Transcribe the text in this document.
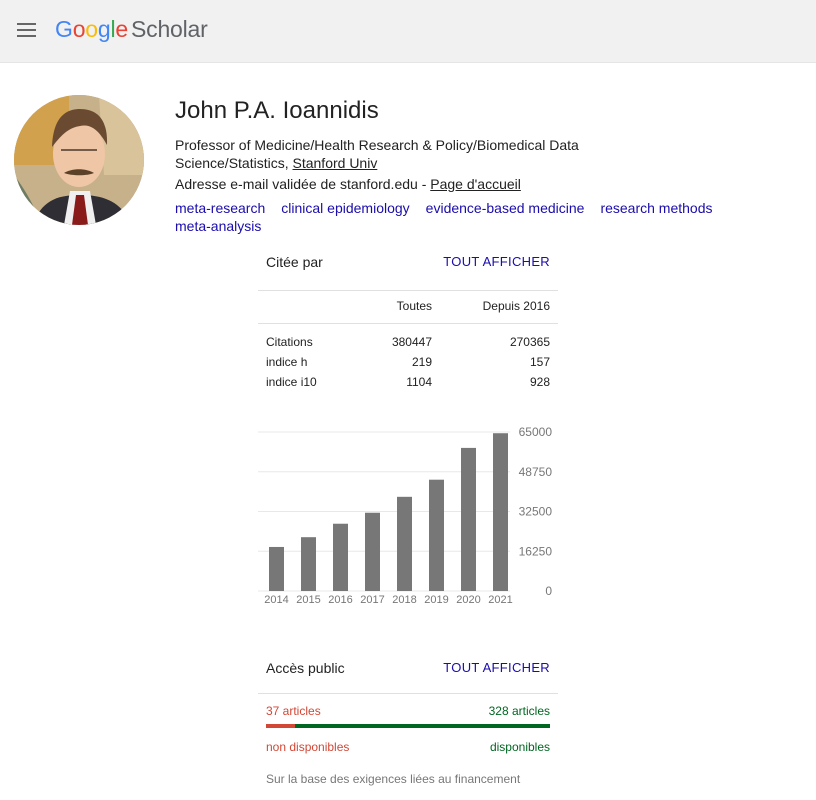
Google Scholar
John P.A. Ioannidis
Professor of Medicine/Health Research & Policy/Biomedical Data Science/Statistics, Stanford Univ
Adresse e-mail validée de stanford.edu - Page d'accueil
meta-research clinical epidemiology evidence-based medicine research methods
meta-analysis
Citée par	TOUT AFFICHER
Toutes	Depuis 2016
Citations	380447	270365
indice h	219	157
indice i10	1104	928
0
16250
32500
48750
65000
2014 2015 2016 2017 2018 2019 2020 2021
Accès public	TOUT AFFICHER
37 articles	328 articles
non disponibles	disponibles
Sur la base des exigences liées au financement
